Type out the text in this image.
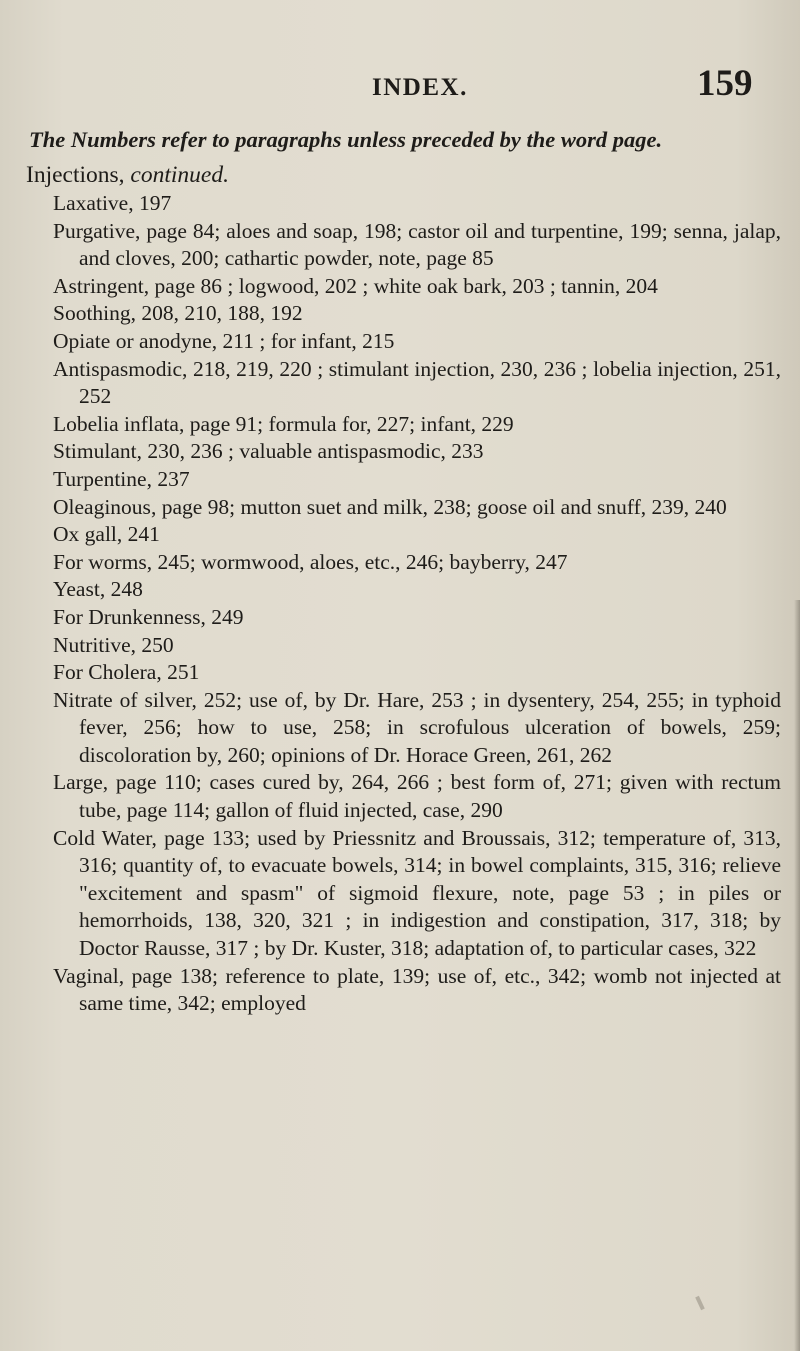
INDEX.	159
The Numbers refer to paragraphs unless preceded by the word page.
Injections, continued.
Laxative, 197
Purgative, page 84; aloes and soap, 198; castor oil and turpentine, 199; senna, jalap, and cloves, 200; cathartic powder, note, page 85
Astringent, page 86 ; logwood, 202 ; white oak bark, 203 ; tannin, 204
Soothing, 208, 210, 188, 192
Opiate or anodyne, 211 ; for infant, 215
Antispasmodic, 218, 219, 220 ; stimulant injection, 230, 236 ; lobelia injection, 251, 252
Lobelia inflata, page 91; formula for, 227; infant, 229
Stimulant, 230, 236 ; valuable antispasmodic, 233
Turpentine, 237
Oleaginous, page 98; mutton suet and milk, 238; goose oil and snuff, 239, 240
Ox gall, 241
For worms, 245; wormwood, aloes, etc., 246; bayberry, 247
Yeast, 248
For Drunkenness, 249
Nutritive, 250
For Cholera, 251
Nitrate of silver, 252; use of, by Dr. Hare, 253 ; in dysentery, 254, 255; in typhoid fever, 256; how to use, 258; in scrofulous ulceration of bowels, 259; discoloration by, 260; opinions of Dr. Horace Green, 261, 262
Large, page 110; cases cured by, 264, 266 ; best form of, 271; given with rectum tube, page 114; gallon of fluid injected, case, 290
Cold Water, page 133; used by Priessnitz and Broussais, 312; temperature of, 313, 316; quantity of, to evacuate bowels, 314; in bowel complaints, 315, 316; relieve "excitement and spasm" of sigmoid flexure, note, page 53 ; in piles or hemorrhoids, 138, 320, 321 ; in indigestion and constipation, 317, 318; by Doctor Rausse, 317 ; by Dr. Kuster, 318; adaptation of, to particular cases, 322
Vaginal, page 138; reference to plate, 139; use of, etc., 342; womb not injected at same time, 342; employed
